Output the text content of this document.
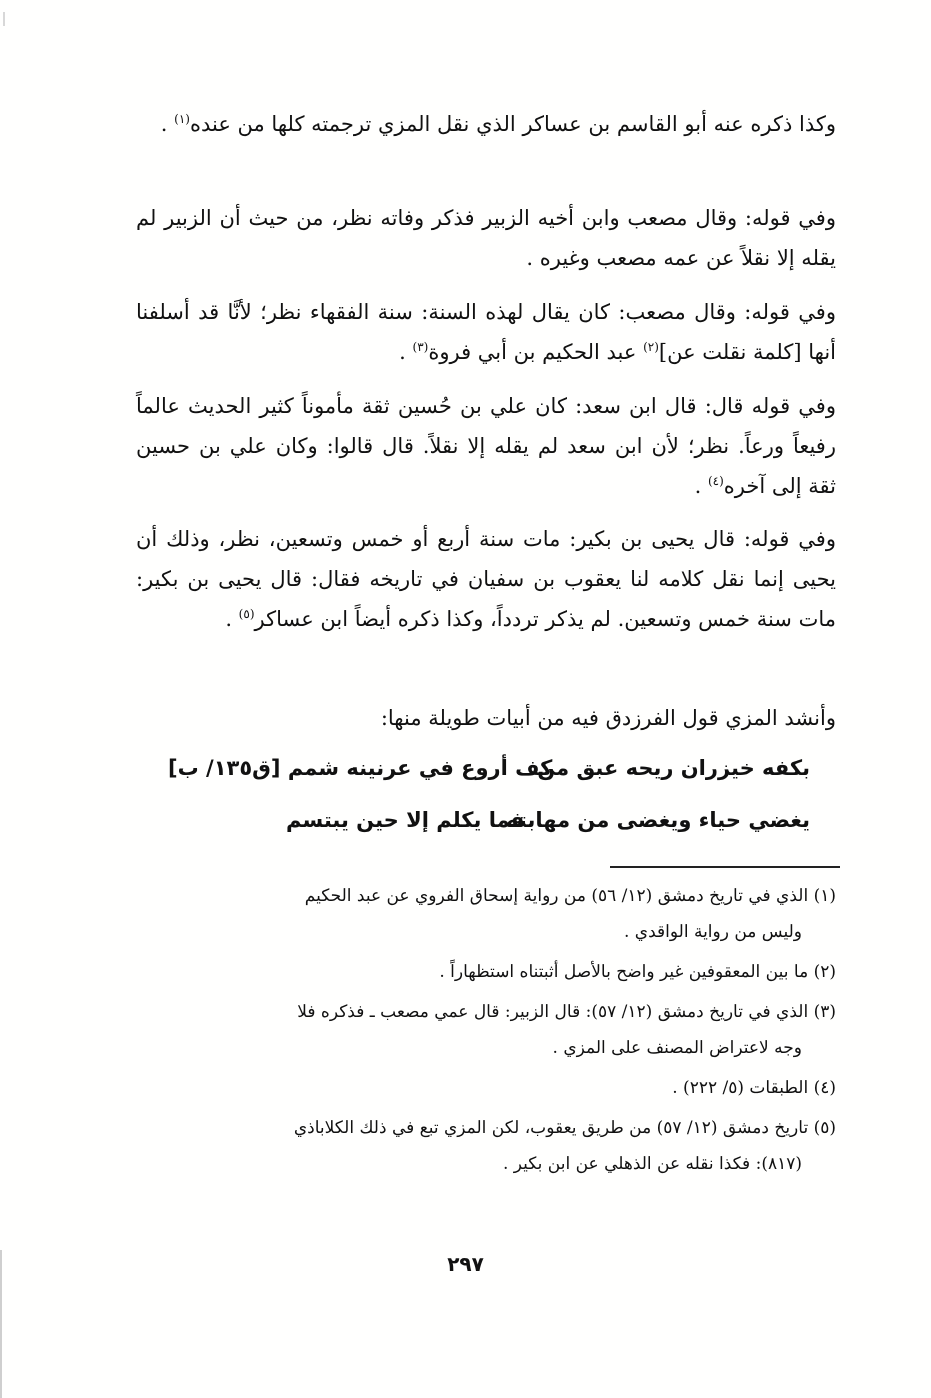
وكذا ذكره عنه أبو القاسم بن عساكر الذي نقل المزي ترجمته كلها من عنده$^{(١)}$ .

وفي قوله: وقال مصعب وابن أخيه الزبير فذكر وفاته نظر، من حيث أن الزبير لم يقله إلا نقلاً عن عمه مصعب وغيره .

وفي قوله: وقال مصعب: كان يقال لهذه السنة: سنة الفقهاء نظر؛ لأنَّا قد أسلفنا أنها [كلمة نقلت عن]$^{(٢)}$ عبد الحكيم بن أبي فروة$^{(٣)}$ .

وفي قوله قال: قال ابن سعد: كان علي بن حُسين ثقة مأموناً كثير الحديث عالماً رفيعاً ورعاً. نظر؛ لأن ابن سعد لم يقله إلا نقلاً. قال قالوا: وكان علي بن حسين ثقة إلى آخره$^{(٤)}$ .

وفي قوله: قال يحيى بن بكير: مات سنة أربع أو خمس وتسعين، نظر، وذلك أن يحيى إنما نقل كلامه لنا يعقوب بن سفيان في تاريخه فقال: قال يحيى بن بكير: مات سنة خمس وتسعين. لم يذكر تردداً، وكذا ذكره أيضاً ابن عساكر$^{(٥)}$ .

وأنشد المزي قول الفرزدق فيه من أبيات طويلة منها:

بكفه خيزران ريحه عبق من
كف أروع في عرنينه شمم [ق١٣٥/ ب]
يغضي حياء ويغضى من مهابته
فما يكلم إلا حين يبتسم

(١) الذي في تاريخ دمشق (١٢/ ٥٦) من رواية إسحاق الفروي عن عبد الحكيم
وليس من رواية الواقدي .

(٢) ما بين المعقوفين غير واضح بالأصل أثبتناه استظهاراً .

(٣) الذي في تاريخ دمشق (١٢/ ٥٧): قال الزبير: قال عمي مصعب ـ فذكره فلا
وجه لاعتراض المصنف على المزي .

(٤) الطبقات (٥/ ٢٢٢) .

(٥) تاريخ دمشق (١٢/ ٥٧) من طريق يعقوب، لكن المزي تبع في ذلك الكلاباذي
(٨١٧): فكذا نقله عن الذهلي عن ابن بكير .

٢٩٧
